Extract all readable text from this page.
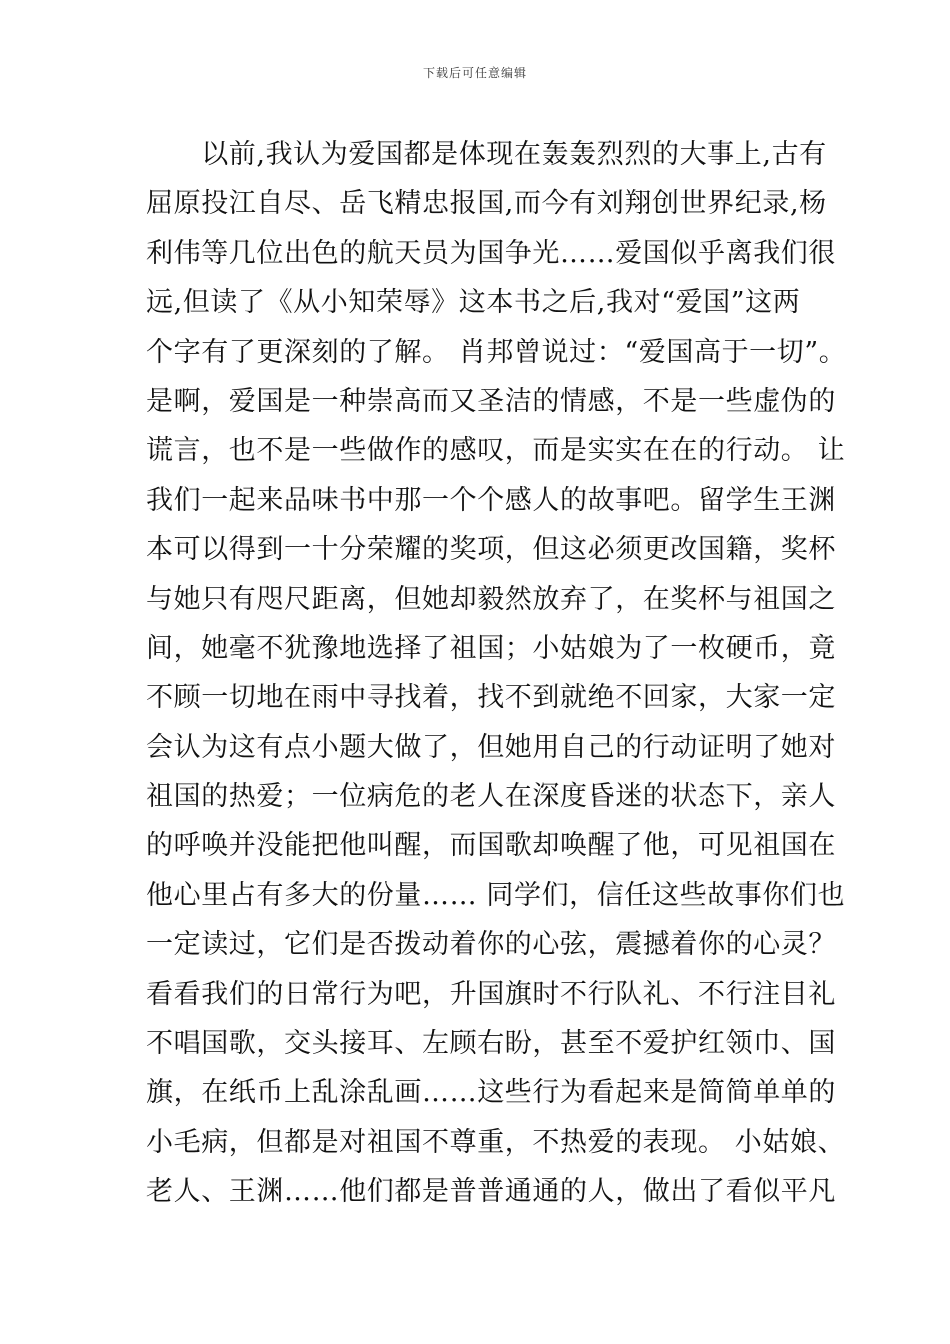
下载后可任意编辑
　　以前,我认为爱国都是体现在轰轰烈烈的大事上,古有
屈原投江自尽、岳飞精忠报国,而今有刘翔创世界纪录,杨
利伟等几位出色的航天员为国争光……爱国似乎离我们很
远,但读了《从小知荣辱》这本书之后,我对“爱国”这两
个字有了更深刻的了解。 肖邦曾说过：“爱国高于一切”。
是啊，爱国是一种崇高而又圣洁的情感，不是一些虚伪的
谎言，也不是一些做作的感叹，而是实实在在的行动。 让
我们一起来品味书中那一个个感人的故事吧。留学生王渊
本可以得到一十分荣耀的奖项，但这必须更改国籍，奖杯
与她只有咫尺距离，但她却毅然放弃了，在奖杯与祖国之
间，她毫不犹豫地选择了祖国；小姑娘为了一枚硬币，竟
不顾一切地在雨中寻找着，找不到就绝不回家，大家一定
会认为这有点小题大做了，但她用自己的行动证明了她对
祖国的热爱；一位病危的老人在深度昏迷的状态下，亲人
的呼唤并没能把他叫醒，而国歌却唤醒了他，可见祖国在
他心里占有多大的份量…… 同学们，信任这些故事你们也
一定读过，它们是否拨动着你的心弦，震撼着你的心灵？
看看我们的日常行为吧，升国旗时不行队礼、不行注目礼
不唱国歌，交头接耳、左顾右盼，甚至不爱护红领巾、国
旗，在纸币上乱涂乱画……这些行为看起来是简简单单的
小毛病，但都是对祖国不尊重，不热爱的表现。 小姑娘、
老人、王渊……他们都是普普通通的人，做出了看似平凡
